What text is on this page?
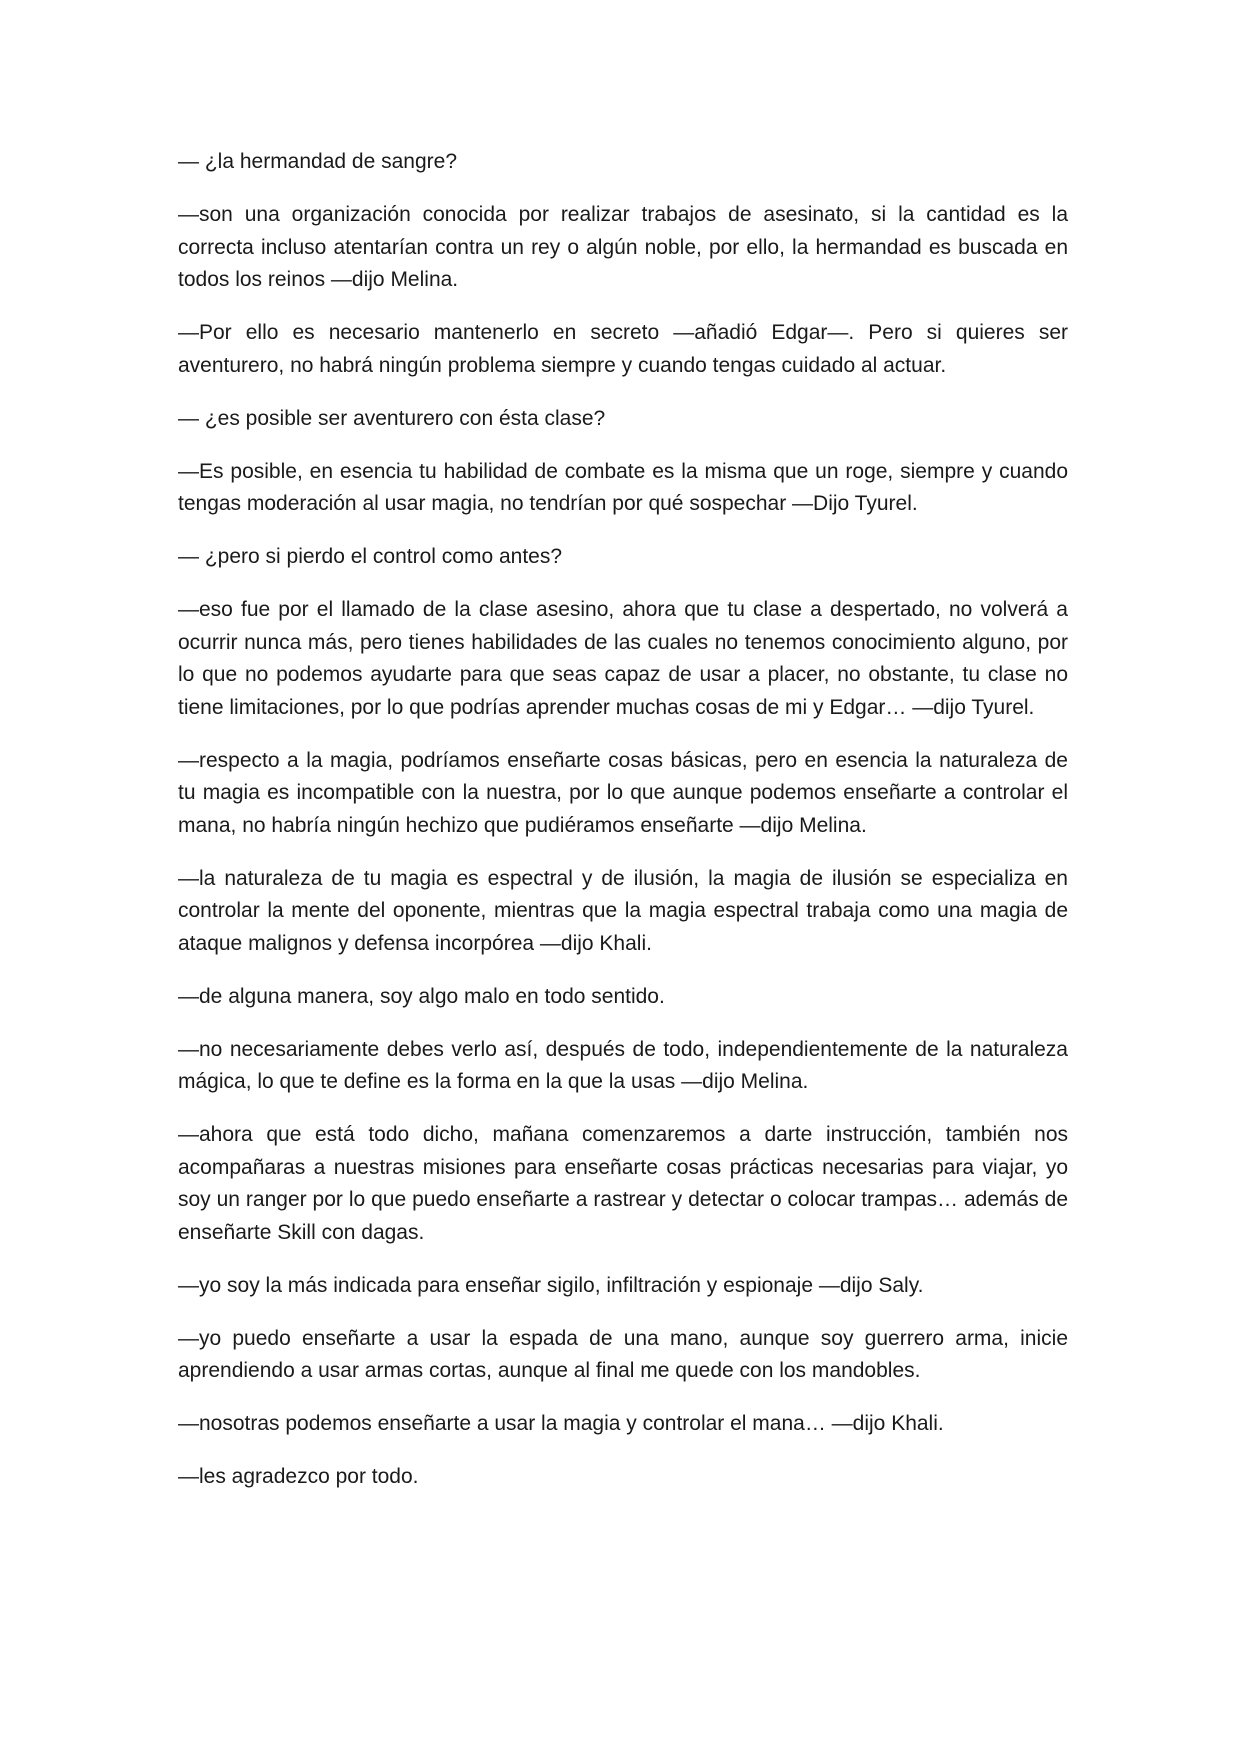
— ¿la hermandad de sangre?

—son una organización conocida por realizar trabajos de asesinato, si la cantidad es la correcta incluso atentarían contra un rey o algún noble, por ello, la hermandad es buscada en todos los reinos —dijo Melina.

—Por ello es necesario mantenerlo en secreto —añadió Edgar—. Pero si quieres ser aventurero, no habrá ningún problema siempre y cuando tengas cuidado al actuar.

— ¿es posible ser aventurero con ésta clase?

—Es posible, en esencia tu habilidad de combate es la misma que un roge, siempre y cuando tengas moderación al usar magia, no tendrían por qué sospechar —Dijo Tyurel.

— ¿pero si pierdo el control como antes?

—eso fue por el llamado de la clase asesino, ahora que tu clase a despertado, no volverá a ocurrir nunca más, pero tienes habilidades de las cuales no tenemos conocimiento alguno, por lo que no podemos ayudarte para que seas capaz de usar a placer, no obstante, tu clase no tiene limitaciones, por lo que podrías aprender muchas cosas de mi y Edgar… —dijo Tyurel.

—respecto a la magia, podríamos enseñarte cosas básicas, pero en esencia la naturaleza de tu magia es incompatible con la nuestra, por lo que aunque podemos enseñarte a controlar el mana, no habría ningún hechizo que pudiéramos enseñarte —dijo Melina.

—la naturaleza de tu magia es espectral y de ilusión, la magia de ilusión se especializa en controlar la mente del oponente, mientras que la magia espectral trabaja como una magia de ataque malignos y defensa incorpórea —dijo Khali.

—de alguna manera, soy algo malo en todo sentido.

—no necesariamente debes verlo así, después de todo, independientemente de la naturaleza mágica, lo que te define es la forma en la que la usas —dijo Melina.

—ahora que está todo dicho, mañana comenzaremos a darte instrucción, también nos acompañaras a nuestras misiones para enseñarte cosas prácticas necesarias para viajar, yo soy un ranger por lo que puedo enseñarte a rastrear y detectar o colocar trampas… además de enseñarte Skill con dagas.

—yo soy la más indicada para enseñar sigilo, infiltración y espionaje —dijo Saly.

—yo puedo enseñarte a usar la espada de una mano, aunque soy guerrero arma, inicie aprendiendo a usar armas cortas, aunque al final me quede con los mandobles.

—nosotras podemos enseñarte a usar la magia y controlar el mana… —dijo Khali.

—les agradezco por todo.
